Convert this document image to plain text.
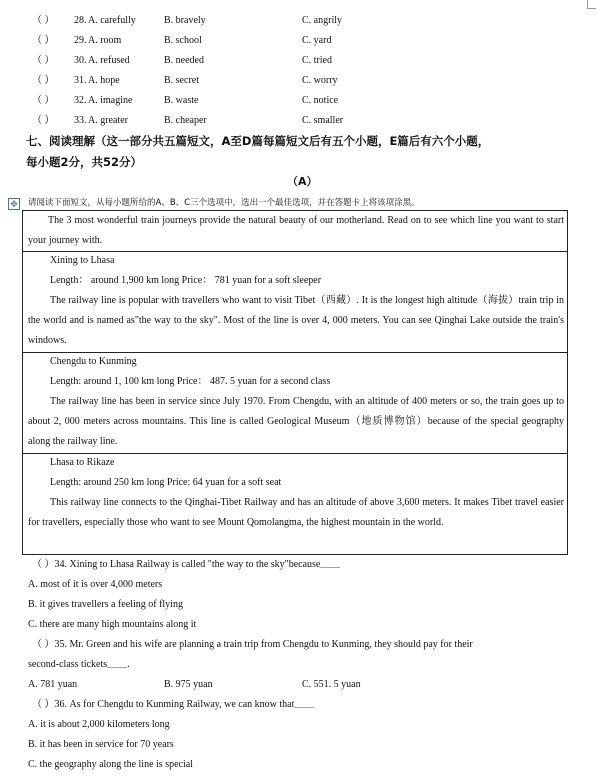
（ ） 28. A. carefully	B. bravely	C. angrily
（ ） 29. A. room	B. school	C. yard
（ ） 30. A. refused	B. needed	C. tried
（ ） 31. A. hope	B. secret	C. worry
（ ） 32. A. imagine	B. waste	C. notice
（ ） 33. A. greater	B. cheaper	C. smaller
七、阅读理解（这一部分共五篇短文，A至D篇每篇短文后有五个小题，E篇后有六个小题，
每小题2分，共52分）
（A）
✥ 请阅读下面短文，从每小题所给的A、B、C三个选项中，选出一个最佳选项，并在答题卡上将该项涂黑。
The 3 most wonderful train journeys provide the natural beauty of our motherland. Read on to see which line you want to start your journey with.
Xining to Lhasa
Length： around 1,900 km long Price： 781 yuan for a soft sleeper
The railway line is popular with travellers who want to visit Tibet（西藏）. It is the longest high altitude（海拔）train trip in the world and is named as"the way to the sky". Most of the line is over 4, 000 meters. You can see Qinghai Lake outside the train's windows.
Chengdu to Kunming
Length: around 1, 100 km long Price： 487. 5 yuan for a second class
The railway line has been in service since July 1970. From Chengdu, with an altitude of 400 meters or so, the train goes up to about 2, 000 meters across mountains. This line is called Geological Museum（地质博物馆）because of the special geography along the railway line.
Lhasa to Rikaze
Length: around 250 km long Price: 64 yuan for a soft seat
This railway line connects to the Qinghai-Tibet Railway and has an altitude of above 3,600 meters. It makes Tibet travel easier for travellers, especially those who want to see Mount Qomolangma, the highest mountain in the world.
（ ）34. Xining to Lhasa Railway is called "the way to the sky"because＿＿
A. most of it is over 4,000 meters
B. it gives travellers a feeling of flying
C. there are many high mountains along it
（ ）35. Mr. Green and his wife are planning a train trip from Chengdu to Kunming, they should pay for their
second-class tickets＿＿.
A. 781 yuan	B. 975 yuan	C. 551. 5 yuan
（ ）36. As for Chengdu to Kunming Railway, we can know that＿＿
A. it is about 2,000 kilometers long
B. it has been in service for 70 years
C. the geography along the line is special
